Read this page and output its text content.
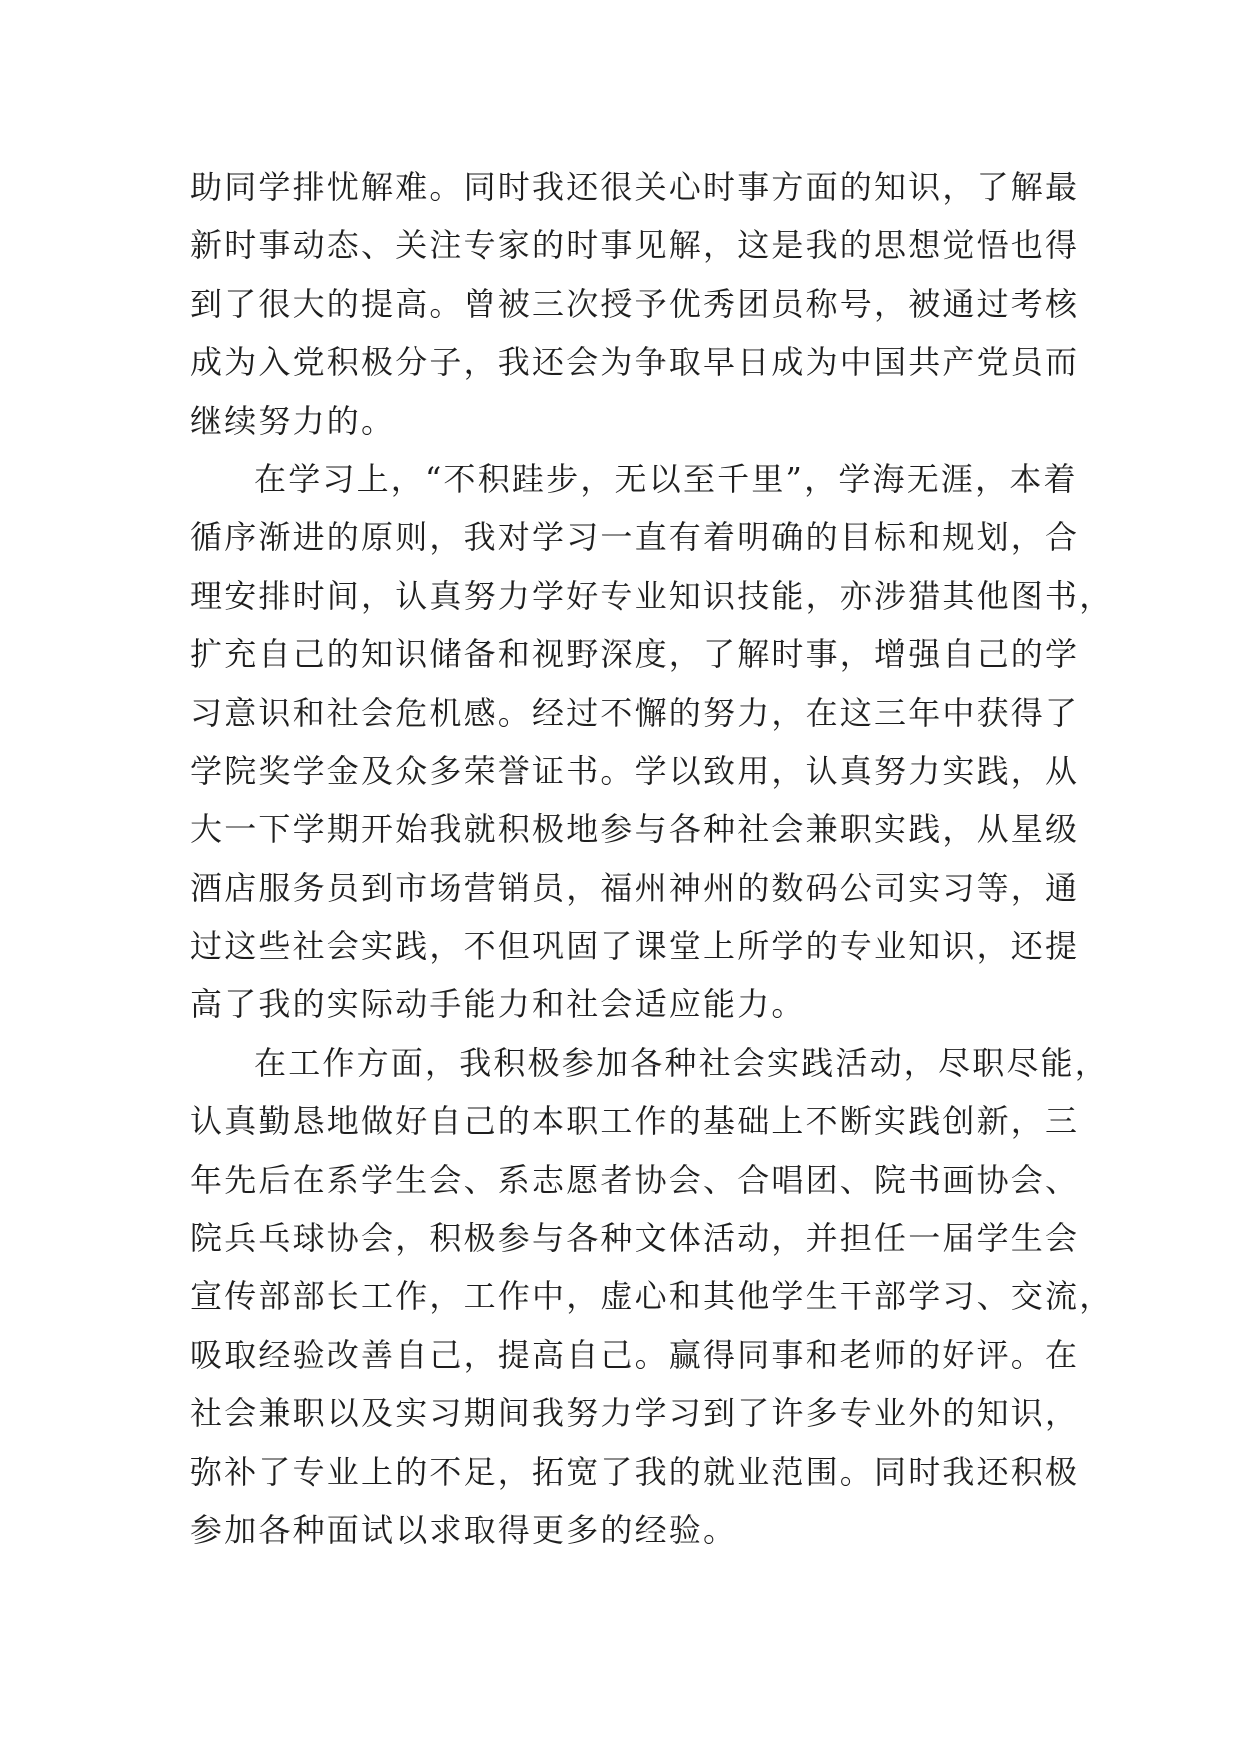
助同学排忧解难。同时我还很关心时事方面的知识，了解最
新时事动态、关注专家的时事见解，这是我的思想觉悟也得
到了很大的提高。曾被三次授予优秀团员称号，被通过考核
成为入党积极分子，我还会为争取早日成为中国共产党员而
继续努力的。
在学习上，“不积跬步，无以至千里”，学海无涯，本着
循序渐进的原则，我对学习一直有着明确的目标和规划，合
理安排时间，认真努力学好专业知识技能，亦涉猎其他图书，
扩充自己的知识储备和视野深度，了解时事，增强自己的学
习意识和社会危机感。经过不懈的努力，在这三年中获得了
学院奖学金及众多荣誉证书。学以致用，认真努力实践，从
大一下学期开始我就积极地参与各种社会兼职实践，从星级
酒店服务员到市场营销员，福州神州的数码公司实习等，通
过这些社会实践，不但巩固了课堂上所学的专业知识，还提
高了我的实际动手能力和社会适应能力。
在工作方面，我积极参加各种社会实践活动，尽职尽能，
认真勤恳地做好自己的本职工作的基础上不断实践创新，三
年先后在系学生会、系志愿者协会、合唱团、院书画协会、
院兵乓球协会，积极参与各种文体活动，并担任一届学生会
宣传部部长工作，工作中，虚心和其他学生干部学习、交流，
吸取经验改善自己，提高自己。赢得同事和老师的好评。在
社会兼职以及实习期间我努力学习到了许多专业外的知识，
弥补了专业上的不足，拓宽了我的就业范围。同时我还积极
参加各种面试以求取得更多的经验。
